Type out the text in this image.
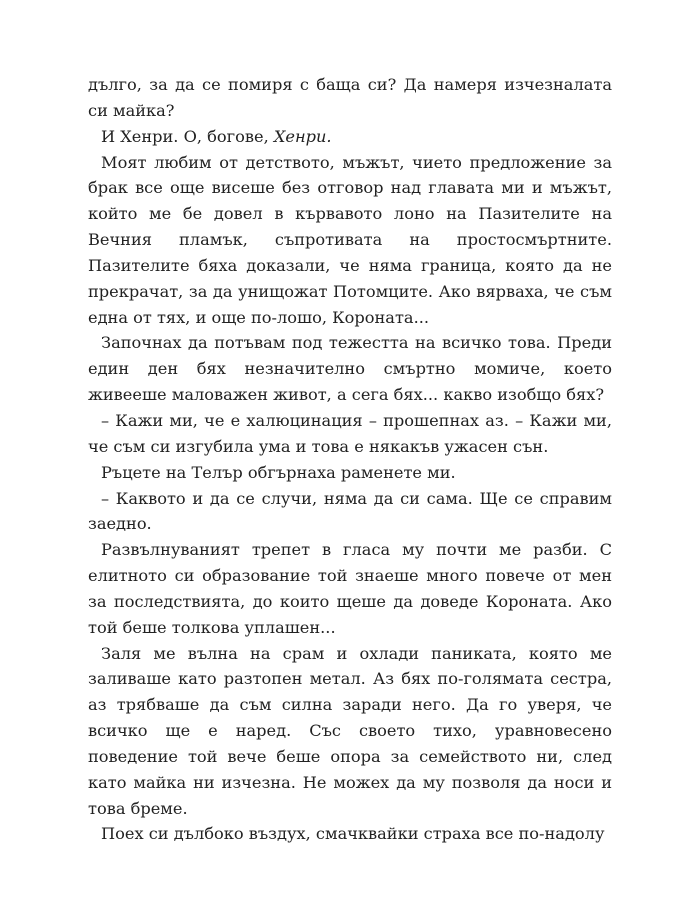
дълго, за да се помиря с баща си? Да намеря изчезналата си майка?

И Хенри. О, богове, Хенри.

Моят любим от детството, мъжът, чието предложение за брак все още висеше без отговор над главата ми и мъжът, който ме бе довел в кървавото лоно на Пазителите на Вечния пламък, съпротивата на простосмъртните. Пазителите бяха доказали, че няма граница, която да не прекрачат, за да унищожат Потомците. Ако вярваха, че съм една от тях, и още по-лошо, Короната...

Започнах да потъвам под тежестта на всичко това. Преди един ден бях незначително смъртно момиче, което живееше маловажен живот, а сега бях... какво изобщо бях?

– Кажи ми, че е халюцинация – прошепнах аз. – Кажи ми, че съм си изгубила ума и това е някакъв ужасен сън.

Ръцете на Телър обгърнаха раменете ми.

– Каквото и да се случи, няма да си сама. Ще се справим заедно.

Развълнуваният трепет в гласа му почти ме разби. С елитното си образование той знаеше много повече от мен за последствията, до които щеше да доведе Короната. Ако той беше толкова уплашен...

Заля ме вълна на срам и охлади паниката, която ме заливаше като разтопен метал. Аз бях по-голямата сестра, аз трябваше да съм силна заради него. Да го уверя, че всичко ще е наред. Със своето тихо, уравновесено поведение той вече беше опора за семейството ни, след като майка ни изчезна. Не можех да му позволя да носи и това бреме.

Поех си дълбоко въздух, смачквайки страха все по-надолу
